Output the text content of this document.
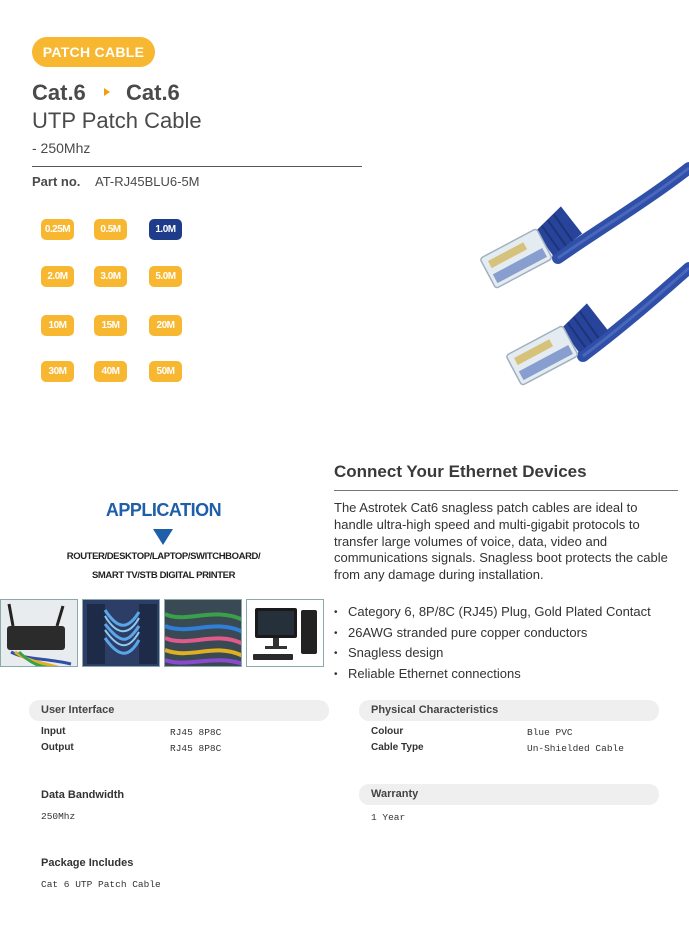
PATCH CABLE
Cat.6 Cat.6
UTP Patch Cable
- 250Mhz
Part no. AT-RJ45BLU6-5M
0.25M	0.5M	1.0M
2.0M	3.0M	5.0M
10M	15M	20M
30M	40M	50M
Connect Your Ethernet Devices
The Astrotek Cat6 snagless patch cables are ideal to handle ultra-high speed and multi-gigabit protocols to transfer large volumes of voice, data, video and communications signals. Snagless boot protects the cable from any damage during installation.
• Category 6, 8P/8C (RJ45) Plug, Gold Plated Contact
• 26AWG stranded pure copper conductors
• Snagless design
• Reliable Ethernet connections
APPLICATION
ROUTER/DESKTOP/LAPTOP/SWITCHBOARD/
SMART TV/STB DIGITAL PRINTER
User Interface
Input	RJ45 8P8C
Output	RJ45 8P8C
Physical Characteristics
Colour	Blue PVC
Cable Type	Un-Shielded Cable
Data Bandwidth
250Mhz
Warranty
1 Year
Package Includes
Cat 6 UTP Patch Cable
